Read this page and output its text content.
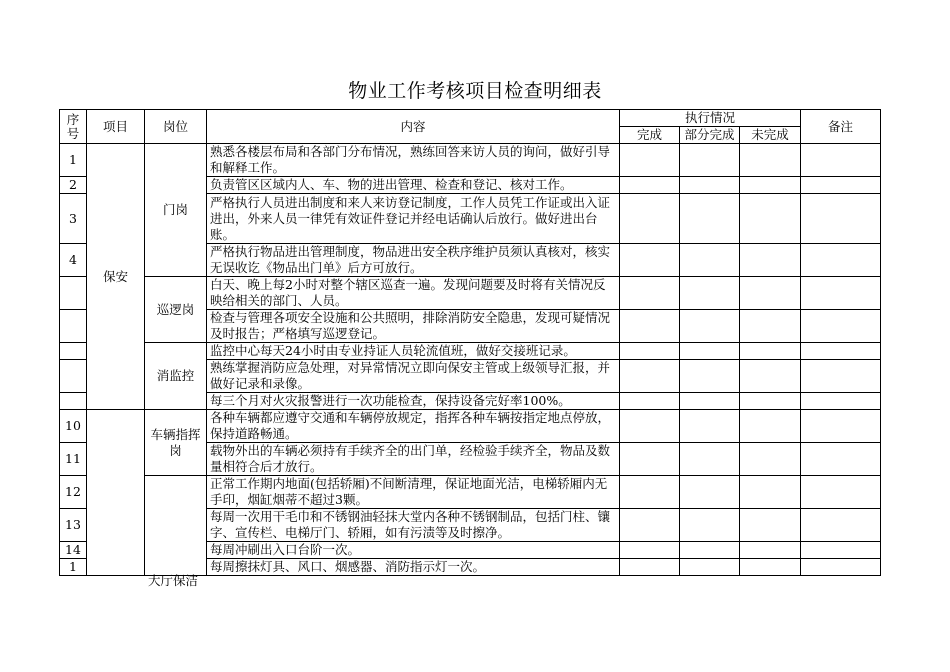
物业工作考核项目检查明细表
序号	项目	岗位	内容	执行情况			备注
				完成	部分完成	未完成	
1	保安	门岗	熟悉各楼层布局和各部门分布情况，熟练回答来访人员的询问，做好引导和解释工作。				
2			负责管区区域内人、车、物的进出管理、检查和登记、核对工作。				
3			严格执行人员进出制度和来人来访登记制度，工作人员凭工作证或出入证进出，外来人员一律凭有效证件登记并经电话确认后放行。做好进出台账。				
4			严格执行物品进出管理制度，物品进出安全秩序维护员须认真核对，核实无误收讫《物品出门单》后方可放行。				
		巡逻岗	白天、晚上每2小时对整个辖区巡查一遍。发现问题要及时将有关情况反映给相关的部门、人员。				
			检查与管理各项安全设施和公共照明，排除消防安全隐患，发现可疑情况及时报告；严格填写巡逻登记。				
		消监控	监控中心每天24小时由专业持证人员轮流值班，做好交接班记录。				
			熟练掌握消防应急处理，对异常情况立即向保安主管或上级领导汇报，并做好记录和录像。				
			每三个月对火灾报警进行一次功能检查，保持设备完好率100%。				
10		车辆指挥岗	各种车辆都应遵守交通和车辆停放规定，指挥各种车辆按指定地点停放，保持道路畅通。				
11			载物外出的车辆必须持有手续齐全的出门单，经检验手续齐全，物品及数量相符合后才放行。				
12			正常工作期内地面(包括轿厢)不间断清理，保证地面光洁，电梯轿厢内无手印，烟缸烟蒂不超过3颗。				
13			每周一次用干毛巾和不锈钢油轻抹大堂内各种不锈钢制品，包括门柱、镶字、宣传栏、电梯厅门、轿厢，如有污渍等及时擦净。				
14			每周冲刷出入口台阶一次。				
1			每周擦抹灯具、风口、烟感器、消防指示灯一次。				
大厅保洁
